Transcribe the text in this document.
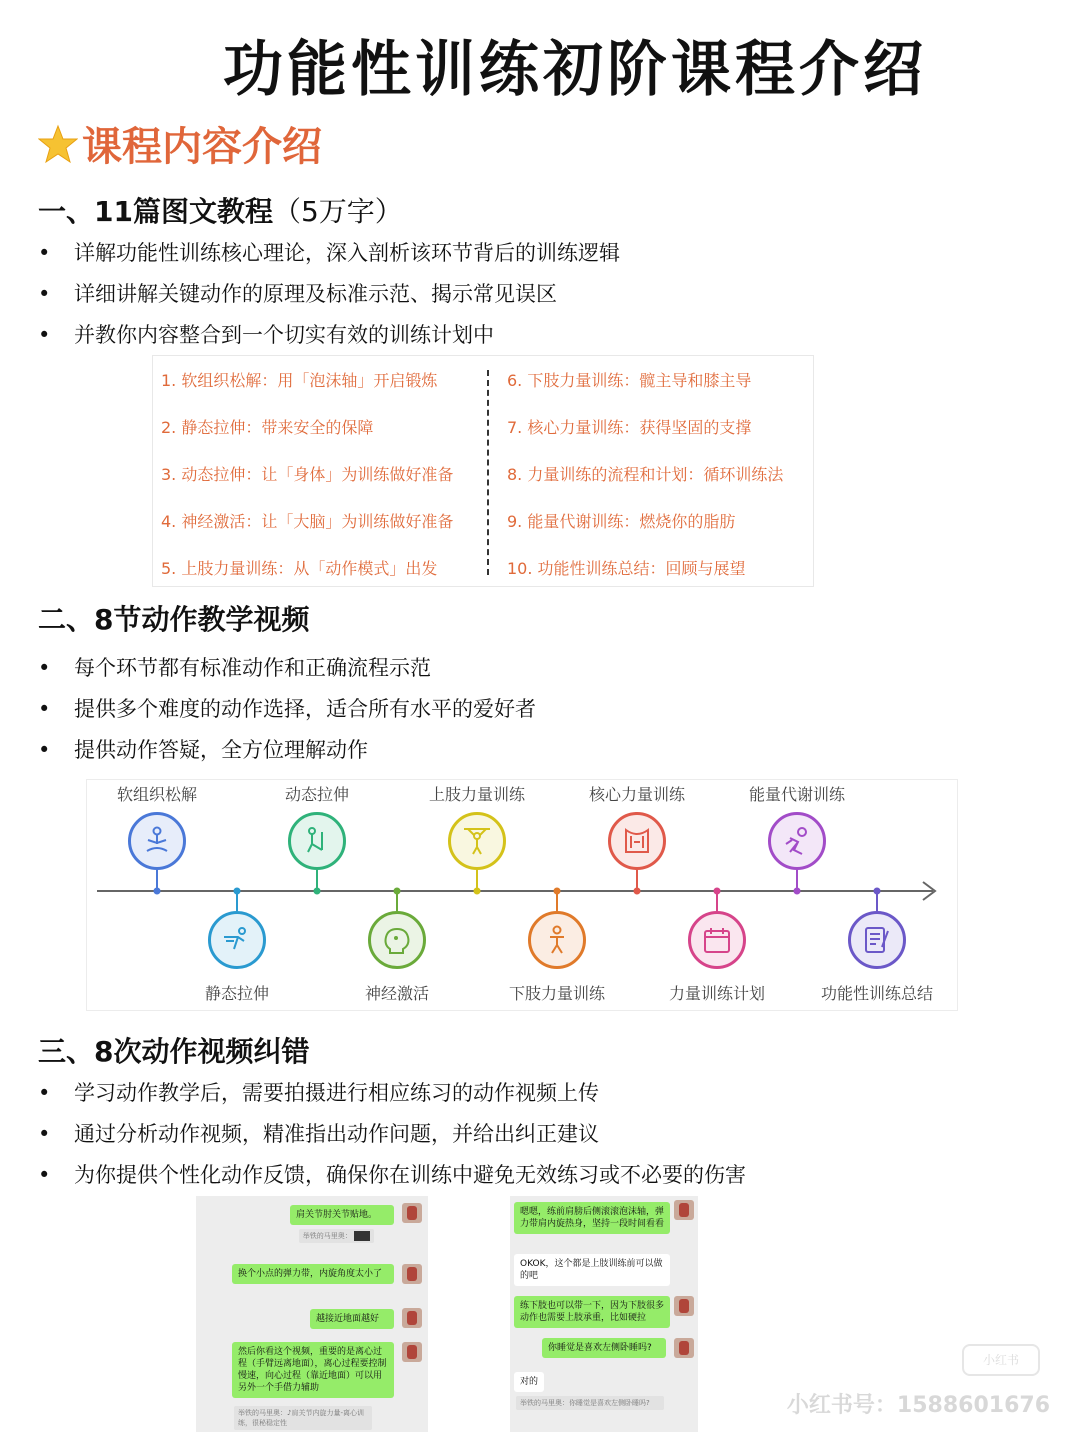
功能性训练初阶课程介绍
课程内容介绍
一、11篇图文教程（5万字）
•	详解功能性训练核心理论，深入剖析该环节背后的训练逻辑
•	详细讲解关键动作的原理及标准示范、揭示常见误区
•	并教你内容整合到一个切实有效的训练计划中
1. 软组织松解：用「泡沫轴」开启锻炼
2. 静态拉伸：带来安全的保障
3. 动态拉伸：让「身体」为训练做好准备
4. 神经激活：让「大脑」为训练做好准备
5. 上肢力量训练：从「动作模式」出发
6. 下肢力量训练：髋主导和膝主导
7. 核心力量训练：获得坚固的支撑
8. 力量训练的流程和计划：循环训练法
9. 能量代谢训练：燃烧你的脂肪
10. 功能性训练总结：回顾与展望
二、8节动作教学视频
•	每个环节都有标准动作和正确流程示范
•	提供多个难度的动作选择，适合所有水平的爱好者
•	提供动作答疑，全方位理解动作
软组织松解	动态拉伸	上肢力量训练	核心力量训练	能量代谢训练
静态拉伸	神经激活	下肢力量训练	力量训练计划	功能性训练总结
三、8次动作视频纠错
•	学习动作教学后，需要拍摄进行相应练习的动作视频上传
•	通过分析动作视频，精准指出动作问题，并给出纠正建议
•	为你提供个性化动作反馈，确保你在训练中避免无效练习或不必要的伤害
肩关节肘关节贴地。
举铁的马里奥：
换个小点的弹力带，内旋角度太小了
越接近地面越好
然后你看这个视频，重要的是离心过程（手臂远离地面），离心过程要控制慢速，向心过程（靠近地面）可以用另外一个手借力辅助
举铁的马里奥：♪肩关节内旋力量-离心训练，很秘稳定性
嗯嗯，练前肩膀后侧滚滚泡沫轴，弹力带肩内旋热身，坚持一段时间看看
OKOK，这个都是上肢训练前可以做的吧
练下肢也可以带一下，因为下肢很多动作也需要上肢承重，比如硬拉
你睡觉是喜欢左侧卧睡吗?
对的
举铁的马里奥：你睡觉是喜欢左侧卧睡吗?
小红书
小红书号：1588601676
